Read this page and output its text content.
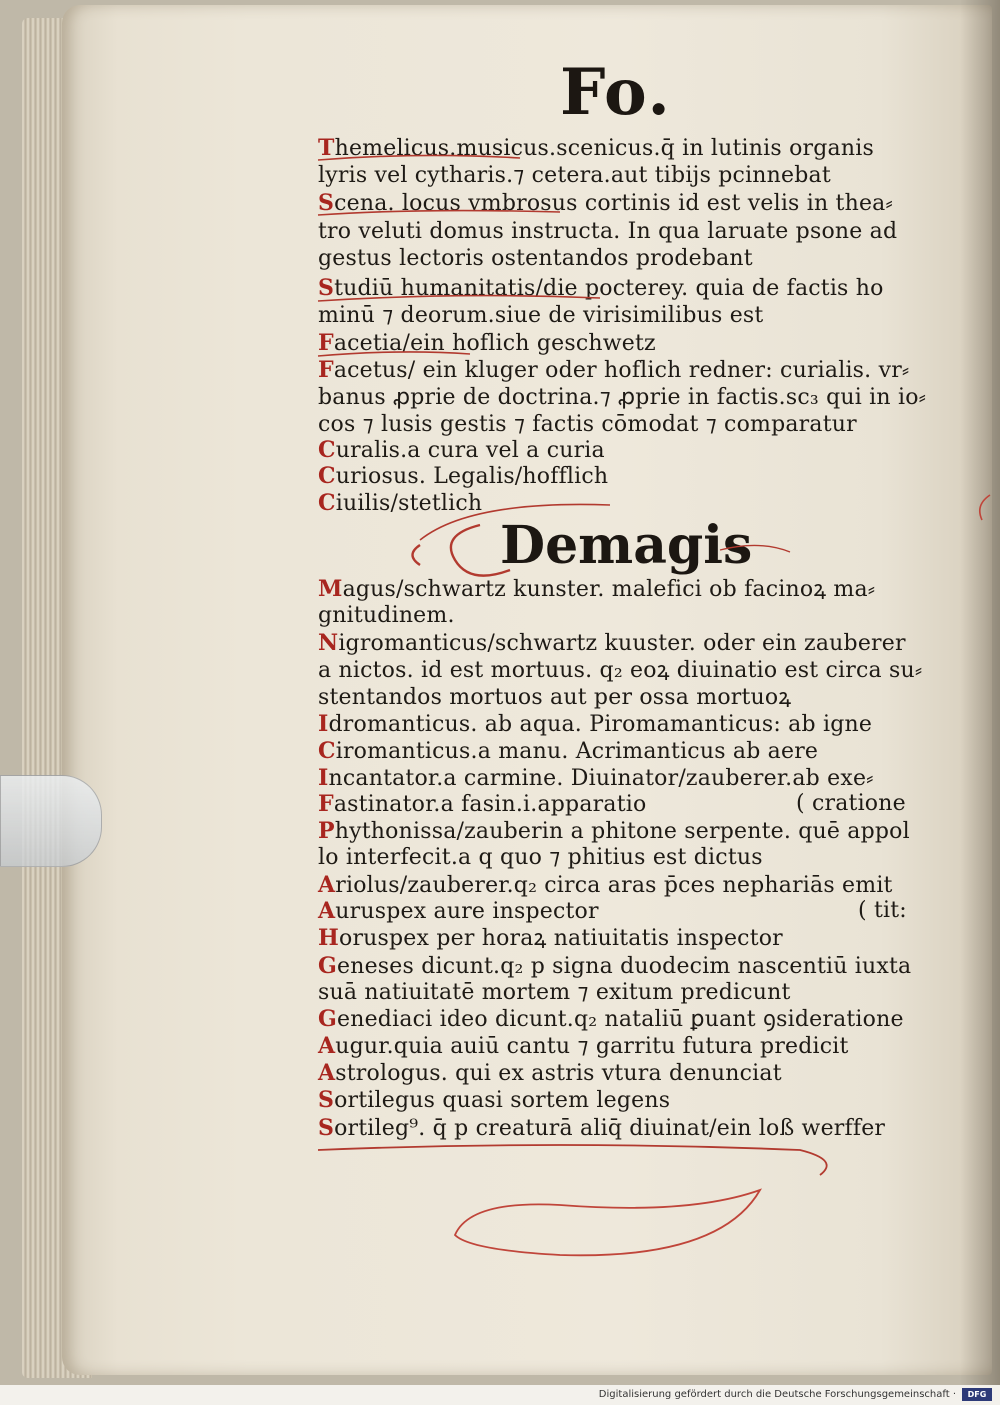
Fo.
Themelicus.musicus.scenicus.q̄ in lutinis organis
lyris vel cytharis.⁊ cetera.aut tibijs pcinnebat
Scena. locus vmbrosus cortinis id est velis in thea⸗
tro veluti domus instructa. In qua laruate psone ad
gestus lectoris ostentandos prodebant
Studiū humanitatis/die pocterey. quia de factis ho
minū ⁊ deorum.siue de virisimilibus est
Facetia/ein hoflich geschwetz
Facetus/ ein kluger oder hoflich redner: curialis. vr⸗
banus ꝓprie de doctrina.⁊ ꝓprie in factis.sc₃ qui in io⸗
cos ⁊ lusis gestis ⁊ factis cōmodat ⁊ comparatur
Curalis.a cura vel a curia
Curiosus. Legalis/hofflich
Ciuilis/stetlich
Demagis
Magus/schwartz kunster. malefici ob facinoꝝ ma⸗
gnitudinem.
Nigromanticus/schwartz kuuster. oder ein zauberer
a nictos. id est mortuus. q₂ eoꝝ diuinatio est circa su⸗
stentandos mortuos aut per ossa mortuoꝝ
Idromanticus. ab aqua. Piromamanticus: ab igne
Ciromanticus.a manu. Acrimanticus ab aere
Incantator.a carmine. Diuinator/zauberer.ab exe⸗
Fastinator.a fasin.i.apparatio	( cratione
Phythonissa/zauberin a phitone serpente. quē appol
lo interfecit.a q quo ⁊ phitius est dictus
Ariolus/zauberer.q₂ circa aras p̄ces nephariās emit
Auruspex aure inspector	( tit:
Horuspex per horaꝝ natiuitatis inspector
Geneses dicunt.q₂ p signa duodecim nascentiū iuxta
suā natiuitatē mortem ⁊ exitum predicunt
Genediaci ideo dicunt.q₂ nataliū ꝑuant ꝯsideratione
Augur.quia auiū cantu ⁊ garritu futura predicit
Astrologus. qui ex astris vtura denunciat
Sortilegus quasi sortem legens
Sortileg⁹. q̄ p creaturā aliq̄ diuinat/ein loß werffer
Digitalisierung gefördert durch die Deutsche Forschungsgemeinschaft ·	DFG
